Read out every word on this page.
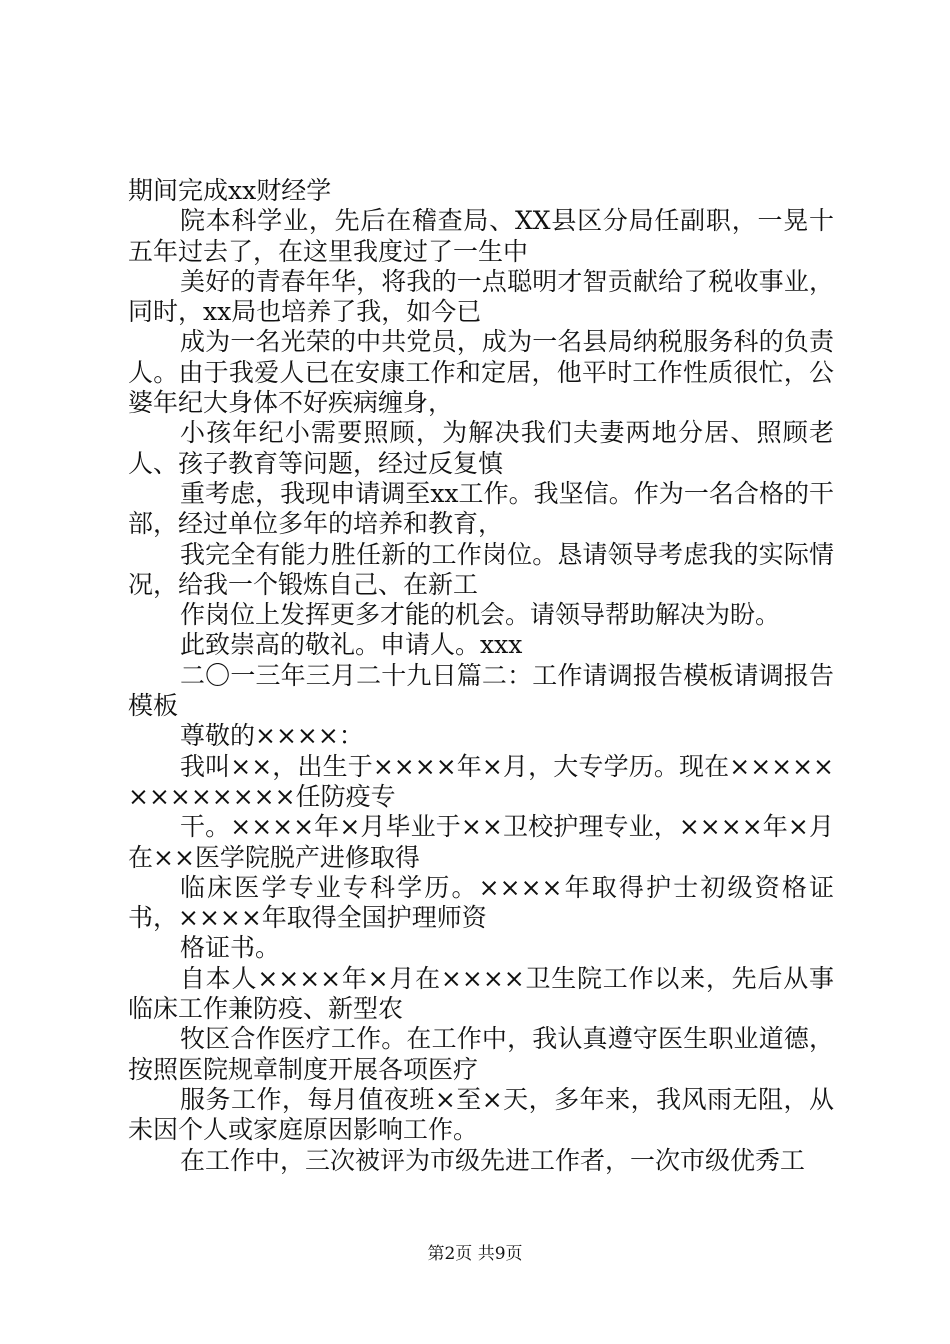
期间完成xx财经学

院本科学业，先后在稽查局、XX县区分局任副职，一晃十五年过去了，在这里我度过了一生中

美好的青春年华，将我的一点聪明才智贡献给了税收事业，同时，xx局也培养了我，如今已

成为一名光荣的中共党员，成为一名县局纳税服务科的负责人。由于我爱人已在安康工作和定居，他平时工作性质很忙，公婆年纪大身体不好疾病缠身，

小孩年纪小需要照顾，为解决我们夫妻两地分居、照顾老人、孩子教育等问题，经过反复慎

重考虑，我现申请调至xx工作。我坚信。作为一名合格的干部，经过单位多年的培养和教育，

我完全有能力胜任新的工作岗位。恳请领导考虑我的实际情况，给我一个锻炼自己、在新工

作岗位上发挥更多才能的机会。请领导帮助解决为盼。

此致崇高的敬礼。申请人。xxx

二〇一三年三月二十九日篇二：工作请调报告模板请调报告模板

尊敬的××××：

我叫××，出生于××××年×月，大专学历。现在×××××××××××××任防疫专

干。××××年×月毕业于××卫校护理专业，××××年×月在××医学院脱产进修取得

临床医学专业专科学历。××××年取得护士初级资格证书，××××年取得全国护理师资

格证书。

自本人××××年×月在××××卫生院工作以来，先后从事临床工作兼防疫、新型农

牧区合作医疗工作。在工作中，我认真遵守医生职业道德，按照医院规章制度开展各项医疗

服务工作，每月值夜班×至×天，多年来，我风雨无阻，从未因个人或家庭原因影响工作。

在工作中，三次被评为市级先进工作者，一次市级优秀工

第2页 共9页
